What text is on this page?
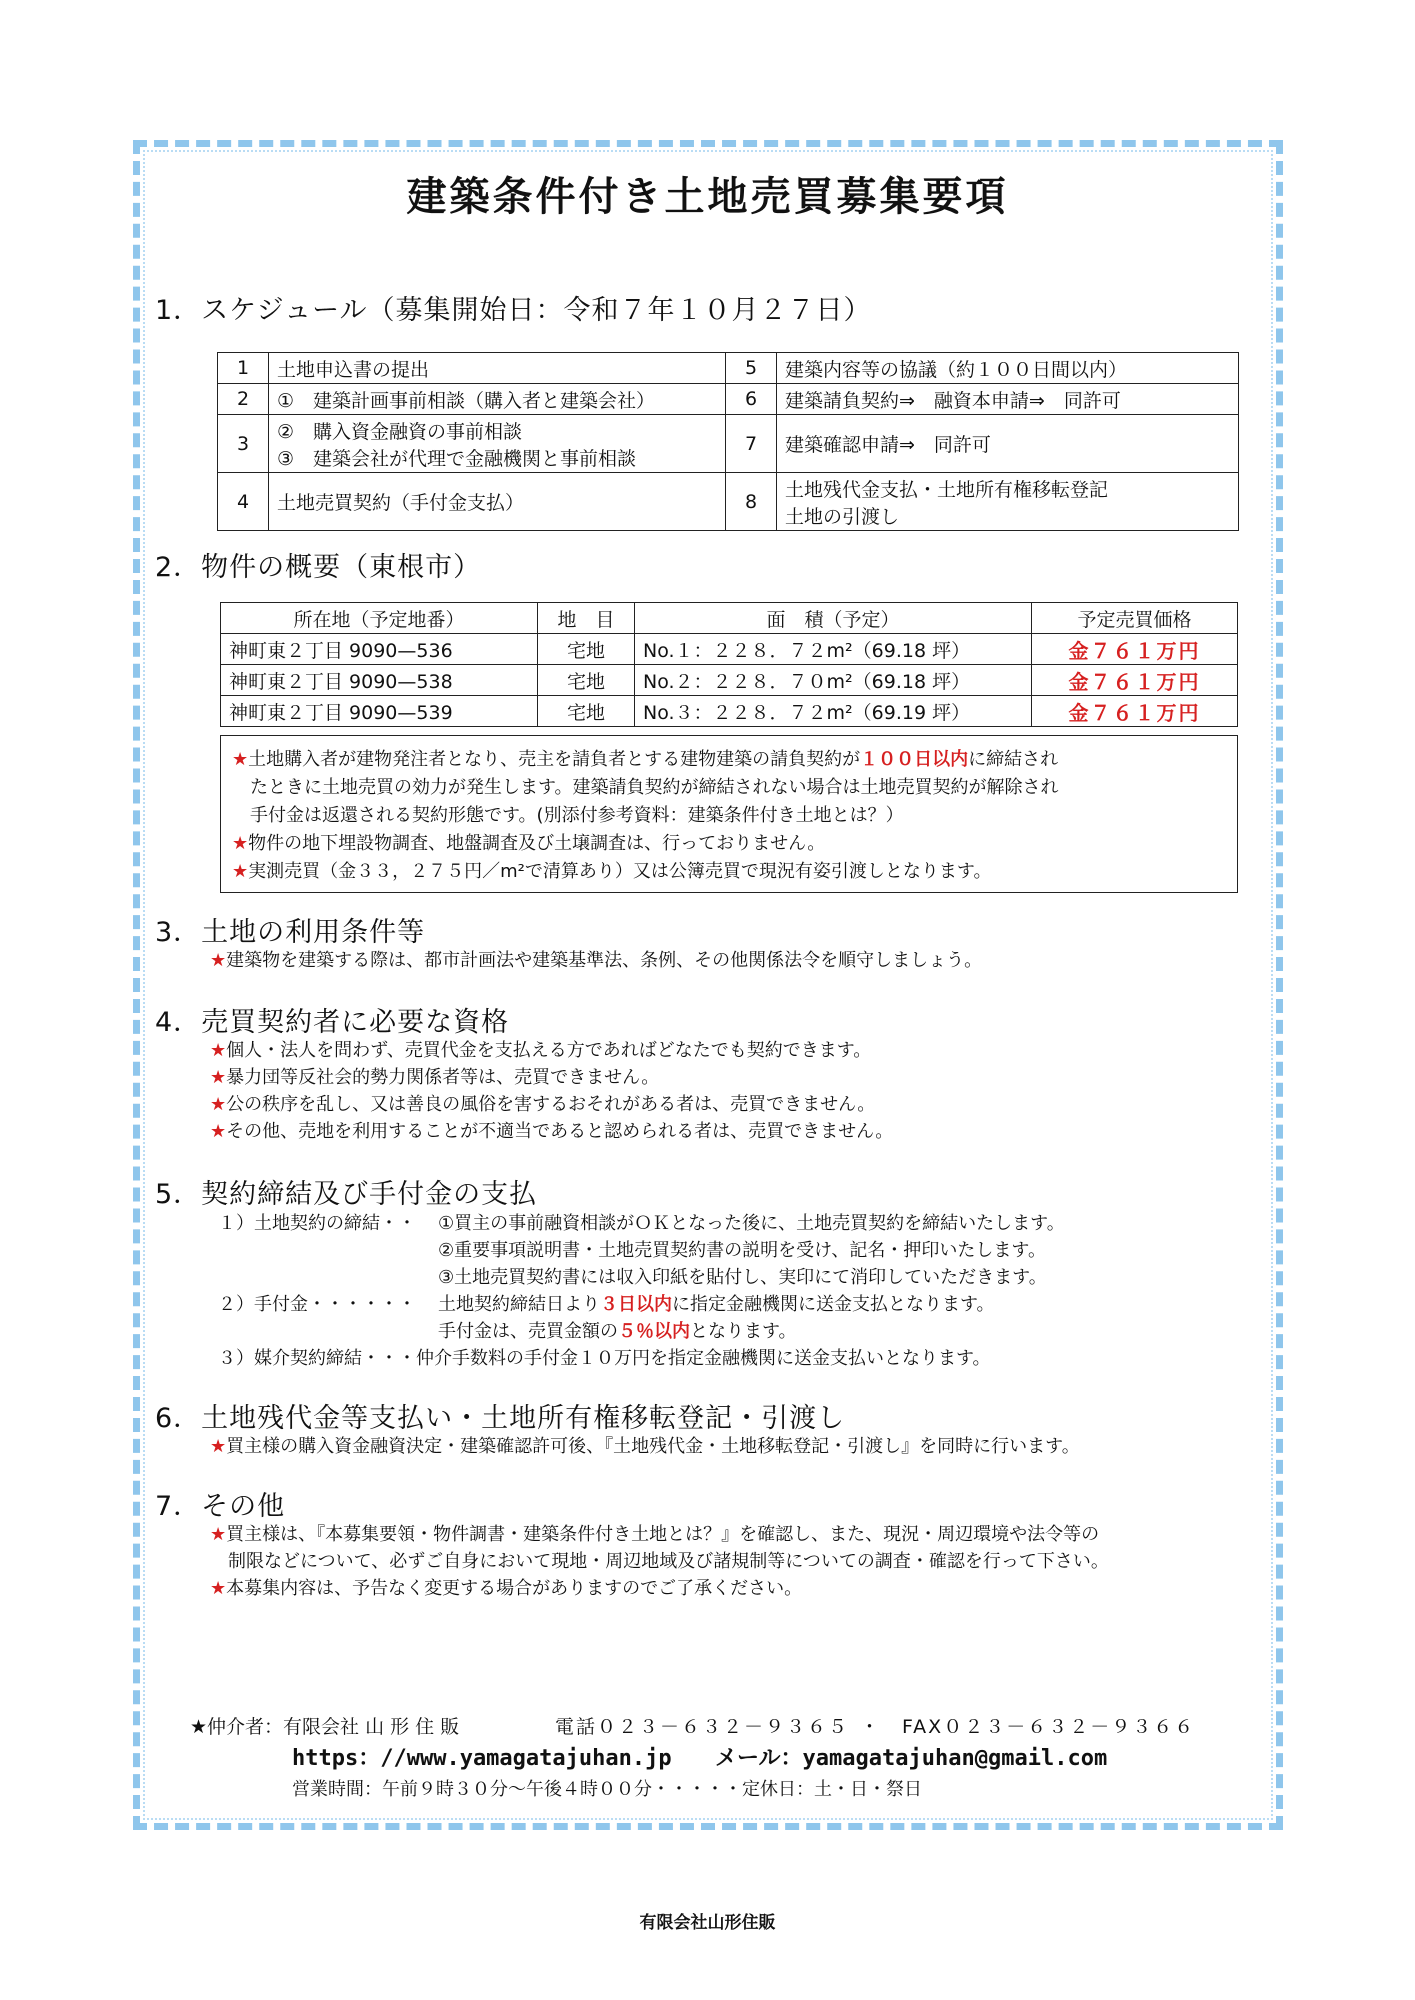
建築条件付き土地売買募集要項
1．スケジュール（募集開始日：令和７年１０月２７日）
1	土地申込書の提出	5	建築内容等の協議（約１００日間以内）
2	①　建築計画事前相談（購入者と建築会社）	6	建築請負契約⇒　融資本申請⇒　同許可
3	②　購入資金融資の事前相談
③　建築会社が代理で金融機関と事前相談	7	建築確認申請⇒　同許可
4	土地売買契約（手付金支払）	8	土地残代金支払・土地所有権移転登記
土地の引渡し
2．物件の概要（東根市）
所在地（予定地番）	地　目	面　積（予定）	予定売買価格
神町東２丁目 9090—536	宅地	No.１：２２８．７２m²（69.18 坪）	金７６１万円
神町東２丁目 9090—538	宅地	No.２：２２８．７０m²（69.18 坪）	金７６１万円
神町東２丁目 9090—539	宅地	No.３：２２８．７２m²（69.19 坪）	金７６１万円
★土地購入者が建物発注者となり、売主を請負者とする建物建築の請負契約が１００日以内に締結され
たときに土地売買の効力が発生します。建築請負契約が締結されない場合は土地売買契約が解除され
手付金は返還される契約形態です。(別添付参考資料：建築条件付き土地とは？）
★物件の地下埋設物調査、地盤調査及び土壌調査は、行っておりません。
★実測売買（金３３，２７５円／m²で清算あり）又は公簿売買で現況有姿引渡しとなります。
3．土地の利用条件等
★建築物を建築する際は、都市計画法や建築基準法、条例、その他関係法令を順守しましょう。
4．売買契約者に必要な資格
★個人・法人を問わず、売買代金を支払える方であればどなたでも契約できます。
★暴力団等反社会的勢力関係者等は、売買できません。
★公の秩序を乱し、又は善良の風俗を害するおそれがある者は、売買できません。
★その他、売地を利用することが不適当であると認められる者は、売買できません。
5．契約締結及び手付金の支払
１）土地契約の締結・・ ①買主の事前融資相談がＯＫとなった後に、土地売買契約を締結いたします。
②重要事項説明書・土地売買契約書の説明を受け、記名・押印いたします。
③土地売買契約書には収入印紙を貼付し、実印にて消印していただきます。
２）手付金・・・・・・ 土地契約締結日より３日以内に指定金融機関に送金支払となります。
手付金は、売買金額の５％以内となります。
３）媒介契約締結・・・仲介手数料の手付金１０万円を指定金融機関に送金支払いとなります。
6．土地残代金等支払い・土地所有権移転登記・引渡し
★買主様の購入資金融資決定・建築確認許可後、『土地残代金・土地移転登記・引渡し』を同時に行います。
7．その他
★買主様は、『本募集要領・物件調書・建築条件付き土地とは？』を確認し、また、現況・周辺環境や法令等の
制限などについて、必ずご自身において現地・周辺地域及び諸規制等についての調査・確認を行って下さい。
★本募集内容は、予告なく変更する場合がありますのでご了承ください。
★仲介者：有限会社 山 形 住 販	電話０２３－６３２－９３６５ ・　FAX０２３－６３２－９３６６
https：//www.yamagatajuhan.jp メール：yamagatajuhan@gmail.com
営業時間：午前９時３０分～午後４時００分・・・・・定休日：土・日・祭日
有限会社山形住販
